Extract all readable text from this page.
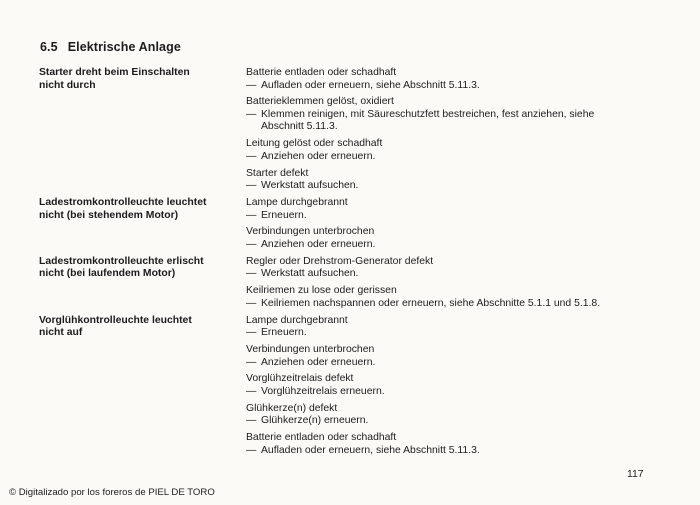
6.5 Elektrische Anlage
Starter dreht beim Einschalten
nicht durch
Batterie entladen oder schadhaft
— Aufladen oder erneuern, siehe Abschnitt 5.11.3.
Batterieklemmen gelöst, oxidiert
— Klemmen reinigen, mit Säureschutzfett bestreichen, fest anziehen, siehe
Abschnitt 5.11.3.
Leitung gelöst oder schadhaft
— Anziehen oder erneuern.
Starter defekt
— Werkstatt aufsuchen.
Ladestromkontrolleuchte leuchtet
nicht (bei stehendem Motor)
Lampe durchgebrannt
— Erneuern.
Verbindungen unterbrochen
— Anziehen oder erneuern.
Ladestromkontrolleuchte erlischt
nicht (bei laufendem Motor)
Regler oder Drehstrom-Generator defekt
— Werkstatt aufsuchen.
Keilriemen zu lose oder gerissen
— Keilriemen nachspannen oder erneuern, siehe Abschnitte 5.1.1 und 5.1.8.
Vorglühkontrolleuchte leuchtet
nicht auf
Lampe durchgebrannt
— Erneuern.
Verbindungen unterbrochen
— Anziehen oder erneuern.
Vorglühzeitrelais defekt
— Vorglühzeitrelais erneuern.
Glühkerze(n) defekt
— Glühkerze(n) erneuern.
Batterie entladen oder schadhaft
— Aufladen oder erneuern, siehe Abschnitt 5.11.3.
117
© Digitalizado por los foreros de PIEL DE TORO
